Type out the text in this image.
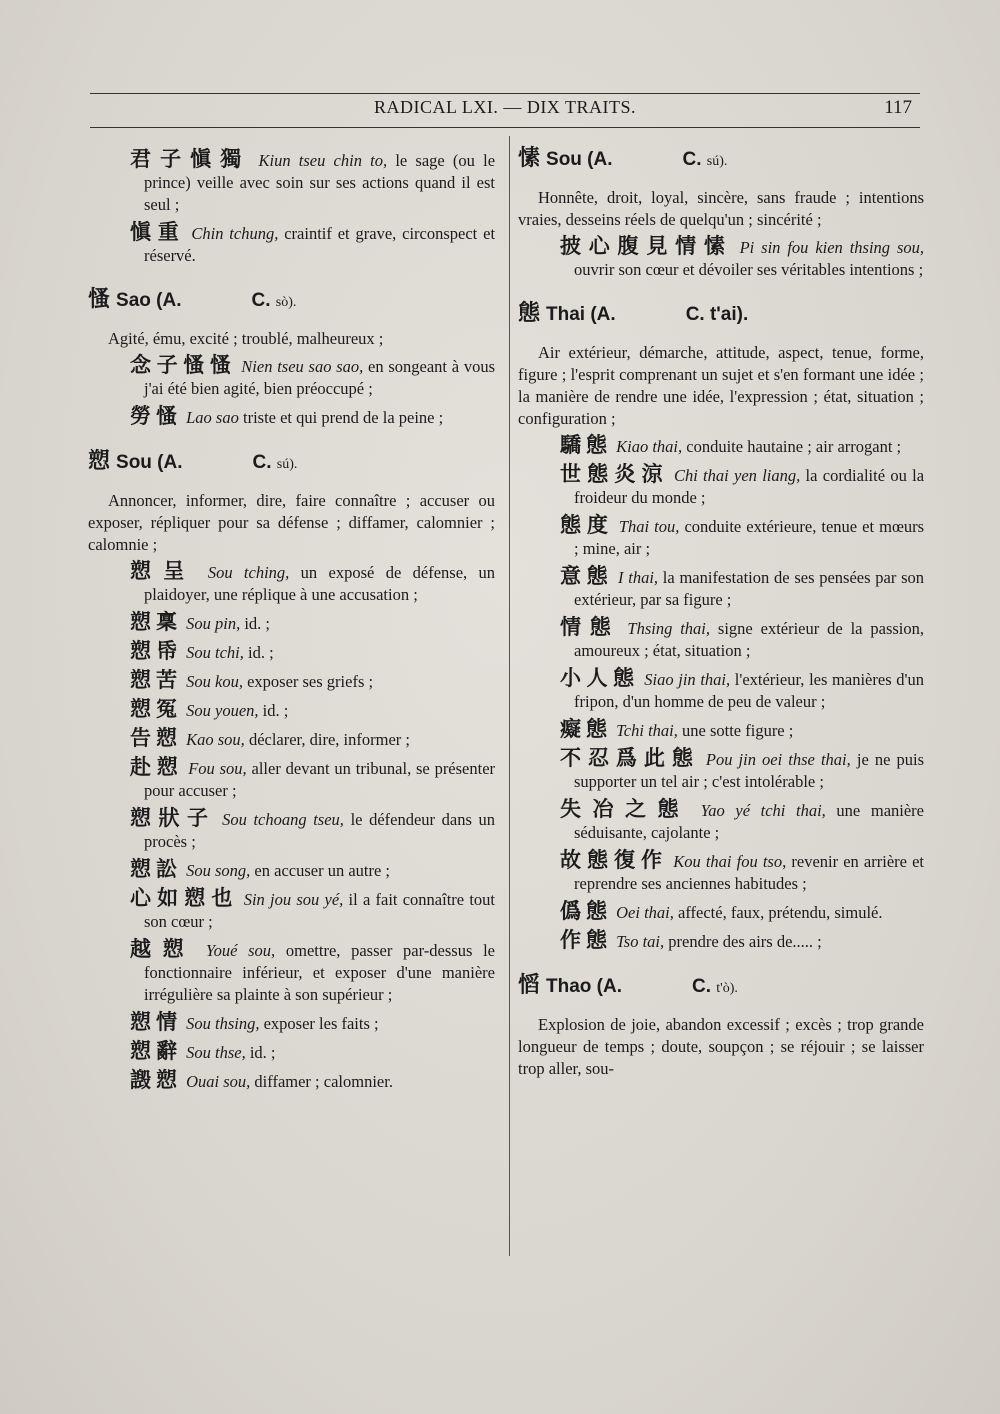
RADICAL LXI. — DIX TRAITS.	117

君子愼獨 Kiun tseu chin to, le sage (ou le prince) veille avec soin sur ses actions quand il est seul ;

愼重 Chin tchung, craintif et grave, circonspect et réservé.

慅 Sao (A.	C. sò).

Agité, ému, excité ; troublé, malheureux ;

念子慅慅 Nien tseu sao sao, en songeant à vous j'ai été bien agité, bien préoccupé ;

勞慅 Lao sao triste et qui prend de la peine ;

愬 Sou (A.	C. sú).

Annoncer, informer, dire, faire connaître ; accuser ou exposer, répliquer pour sa défense ; diffamer, calomnier ; calomnie ;

愬呈 Sou tching, un exposé de défense, un plaidoyer, une réplique à une accusation ;

愬稟 Sou pin, id. ;

愬帋 Sou tchi, id. ;

愬苦 Sou kou, exposer ses griefs ;

愬冤 Sou youen, id. ;

告愬 Kao sou, déclarer, dire, informer ;

赴愬 Fou sou, aller devant un tribunal, se présenter pour accuser ;

愬狀子 Sou tchoang tseu, le défendeur dans un procès ;

愬訟 Sou song, en accuser un autre ;

心如愬也 Sin jou sou yé, il a fait connaître tout son cœur ;

越愬 Youé sou, omettre, passer par-dessus le fonctionnaire inférieur, et exposer d'une manière irrégulière sa plainte à son supérieur ;

愬情 Sou thsing, exposer les faits ;

愬辭 Sou thse, id. ;

譭愬 Ouai sou, diffamer ; calomnier.

愫 Sou (A.	C. sú).

Honnête, droit, loyal, sincère, sans fraude ; intentions vraies, desseins réels de quelqu'un ; sincérité ;

披心腹見情愫 Pi sin fou kien thsing sou, ouvrir son cœur et dévoiler ses véritables intentions ;

態 Thai (A.	C. t'ai).

Air extérieur, démarche, attitude, aspect, tenue, forme, figure ; l'esprit comprenant un sujet et s'en formant une idée ; la manière de rendre une idée, l'expression ; état, situation ; configuration ;

驕態 Kiao thai, conduite hautaine ; air arrogant ;

世態炎涼 Chi thai yen liang, la cordialité ou la froideur du monde ;

態度 Thai tou, conduite extérieure, tenue et mœurs ; mine, air ;

意態 I thai, la manifestation de ses pensées par son extérieur, par sa figure ;

情態 Thsing thai, signe extérieur de la passion, amoureux ; état, situation ;

小人態 Siao jin thai, l'extérieur, les manières d'un fripon, d'un homme de peu de valeur ;

癡態 Tchi thai, une sotte figure ;

不忍爲此態 Pou jin oei thse thai, je ne puis supporter un tel air ; c'est intolérable ;

失冶之態 Yao yé tchi thai, une manière séduisante, cajolante ;

故態復作 Kou thai fou tso, revenir en arrière et reprendre ses anciennes habitudes ;

僞態 Oei thai, affecté, faux, prétendu, simulé.

作態 Tso tai, prendre des airs de..... ;

慆 Thao (A.	C. t'ò).

Explosion de joie, abandon excessif ; excès ; trop grande longueur de temps ; doute, soupçon ; se réjouir ; se laisser trop aller, sou-
